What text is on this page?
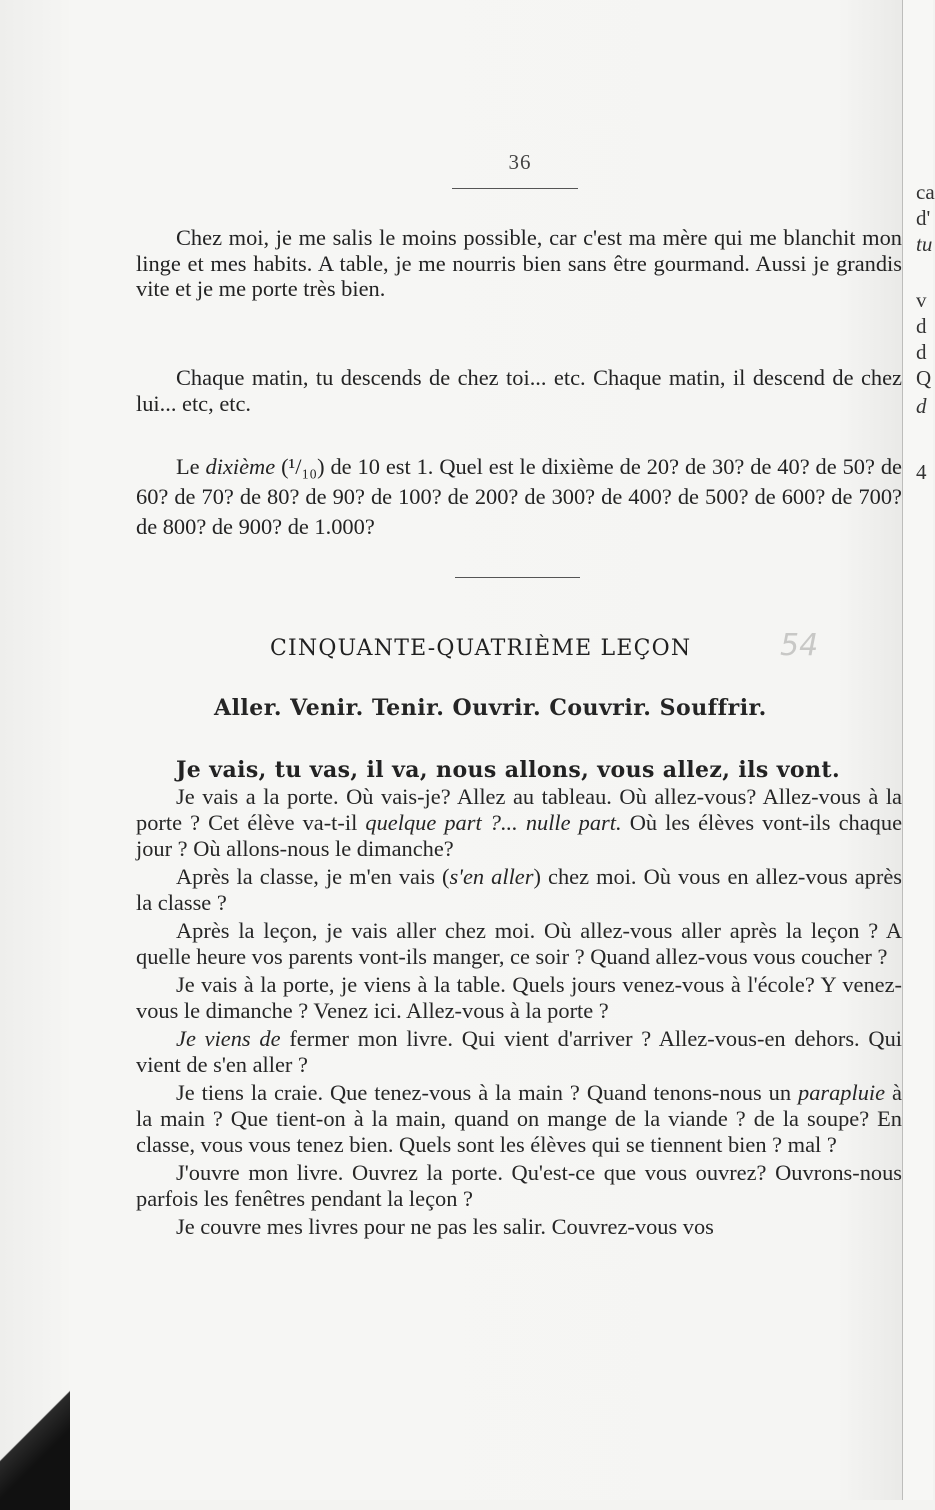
ca
d'
tu
v
d
d
Q
d
4
36

Chez moi, je me salis le moins possible, car c'est ma mère qui me blanchit mon linge et mes habits. A table, je me nourris bien sans être gourmand. Aussi je grandis vite et je me porte très bien.

Chaque matin, tu descends de chez toi... etc. Chaque matin, il descend de chez lui... etc, etc.

Le dixième (¹/₁₀) de 10 est 1. Quel est le dixième de 20? de 30? de 40? de 50? de 60? de 70? de 80? de 90? de 100? de 200? de 300? de 400? de 500? de 600? de 700? de 800? de 900? de 1.000?

CINQUANTE-QUATRIÈME LEÇON	54
Aller. Venir. Tenir. Ouvrir. Couvrir. Souffrir.
Je vais, tu vas, il va, nous allons, vous allez, ils vont.

Je vais a la porte. Où vais-je? Allez au tableau. Où allez-vous? Allez-vous à la porte ? Cet élève va-t-il quelque part ?... nulle part. Où les élèves vont-ils chaque jour ? Où allons-nous le dimanche?

Après la classe, je m'en vais (s'en aller) chez moi. Où vous en allez-vous après la classe ?

Après la leçon, je vais aller chez moi. Où allez-vous aller après la leçon ? A quelle heure vos parents vont-ils manger, ce soir ? Quand allez-vous vous coucher ?

Je vais à la porte, je viens à la table. Quels jours venez-vous à l'école? Y venez-vous le dimanche ? Venez ici. Allez-vous à la porte ?

Je viens de fermer mon livre. Qui vient d'arriver ? Allez-vous-en dehors. Qui vient de s'en aller ?

Je tiens la craie. Que tenez-vous à la main ? Quand tenons-nous un parapluie à la main ? Que tient-on à la main, quand on mange de la viande ? de la soupe? En classe, vous vous tenez bien. Quels sont les élèves qui se tiennent bien ? mal ?

J'ouvre mon livre. Ouvrez la porte. Qu'est-ce que vous ouvrez? Ouvrons-nous parfois les fenêtres pendant la leçon ?

Je couvre mes livres pour ne pas les salir. Couvrez-vous vos
